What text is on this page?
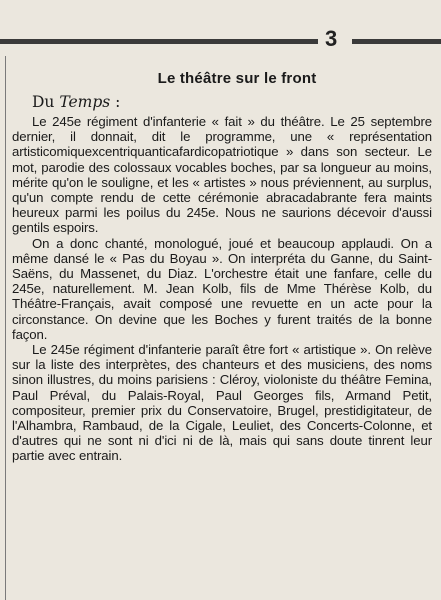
3
Le théâtre sur le front
Du Temps :

Le 245e régiment d'infanterie « fait » du théâtre. Le 25 septembre dernier, il donnait, dit le programme, une « représentation artisticomiquexcentriquanticafardicopatriotique » dans son secteur. Le mot, parodie des colossaux vocables boches, par sa longueur au moins, mérite qu'on le souligne, et les « artistes » nous préviennent, au surplus, qu'un compte rendu de cette cérémonie abracadabrante fera maints heureux parmi les poilus du 245e. Nous ne saurions décevoir d'aussi gentils espoirs.

On a donc chanté, monologué, joué et beaucoup applaudi. On a même dansé le « Pas du Boyau ». On interpréta du Ganne, du Saint-Saëns, du Massenet, du Diaz. L'orchestre était une fanfare, celle du 245e, naturellement. M. Jean Kolb, fils de Mme Thérèse Kolb, du Théâtre-Français, avait composé une revuette en un acte pour la circonstance. On devine que les Boches y furent traités de la bonne façon.

Le 245e régiment d'infanterie paraît être fort « artistique ». On relève sur la liste des interprètes, des chanteurs et des musiciens, des noms sinon illustres, du moins parisiens : Cléroy, violoniste du théâtre Femina, Paul Préval, du Palais-Royal, Paul Georges fils, Armand Petit, compositeur, premier prix du Conservatoire, Brugel, prestidigitateur, de l'Alhambra, Rambaud, de la Cigale, Leuliet, des Concerts-Colonne, et d'autres qui ne sont ni d'ici ni de là, mais qui sans doute tinrent leur partie avec entrain.
